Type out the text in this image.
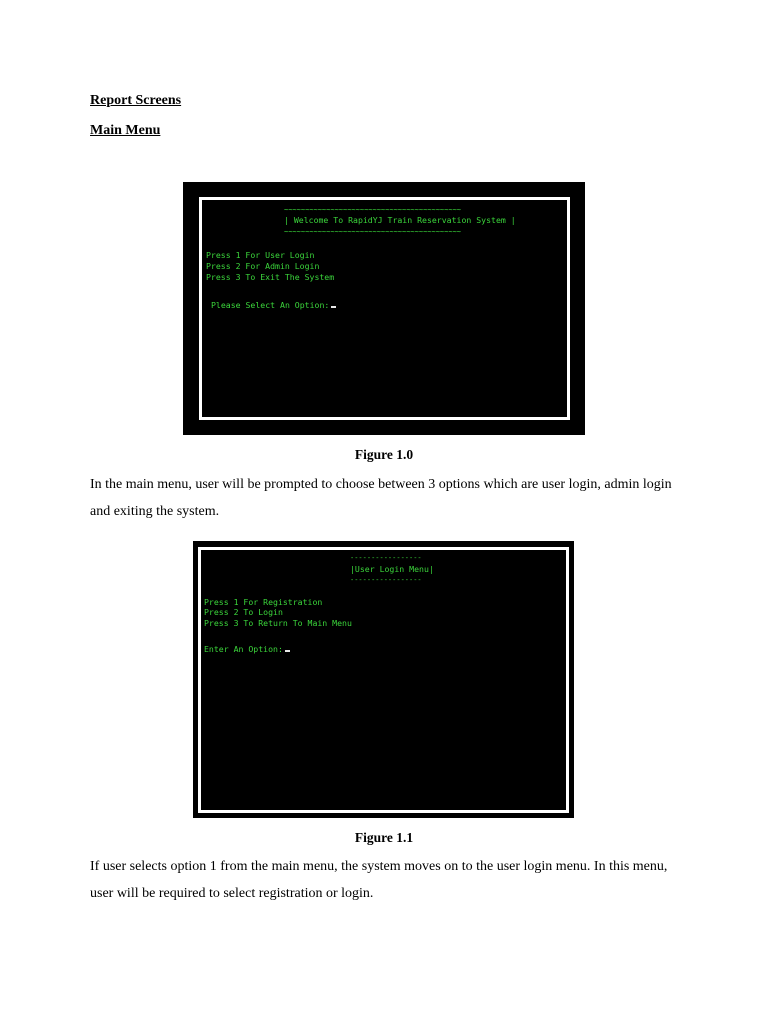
Report Screens

Main Menu

~~~~~~~~~~~~~~~~~~~~~~~~~~~~~~~~~~~~~~~~~~
| Welcome To RapidYJ Train Reservation System |
~~~~~~~~~~~~~~~~~~~~~~~~~~~~~~~~~~~~~~~~~~
Press 1 For User Login
Press 2 For Admin Login
Press 3 To Exit The System
Please Select An Option:

Figure 1.0

In the main menu, user will be prompted to choose between 3 options which are user login, admin login and exiting the system.

-----------------
|User Login Menu|
-----------------
Press 1 For Registration
Press 2 To Login
Press 3 To Return To Main Menu
Enter An Option:

Figure 1.1

If user selects option 1 from the main menu, the system moves on to the user login menu. In this menu, user will be required to select registration or login.
